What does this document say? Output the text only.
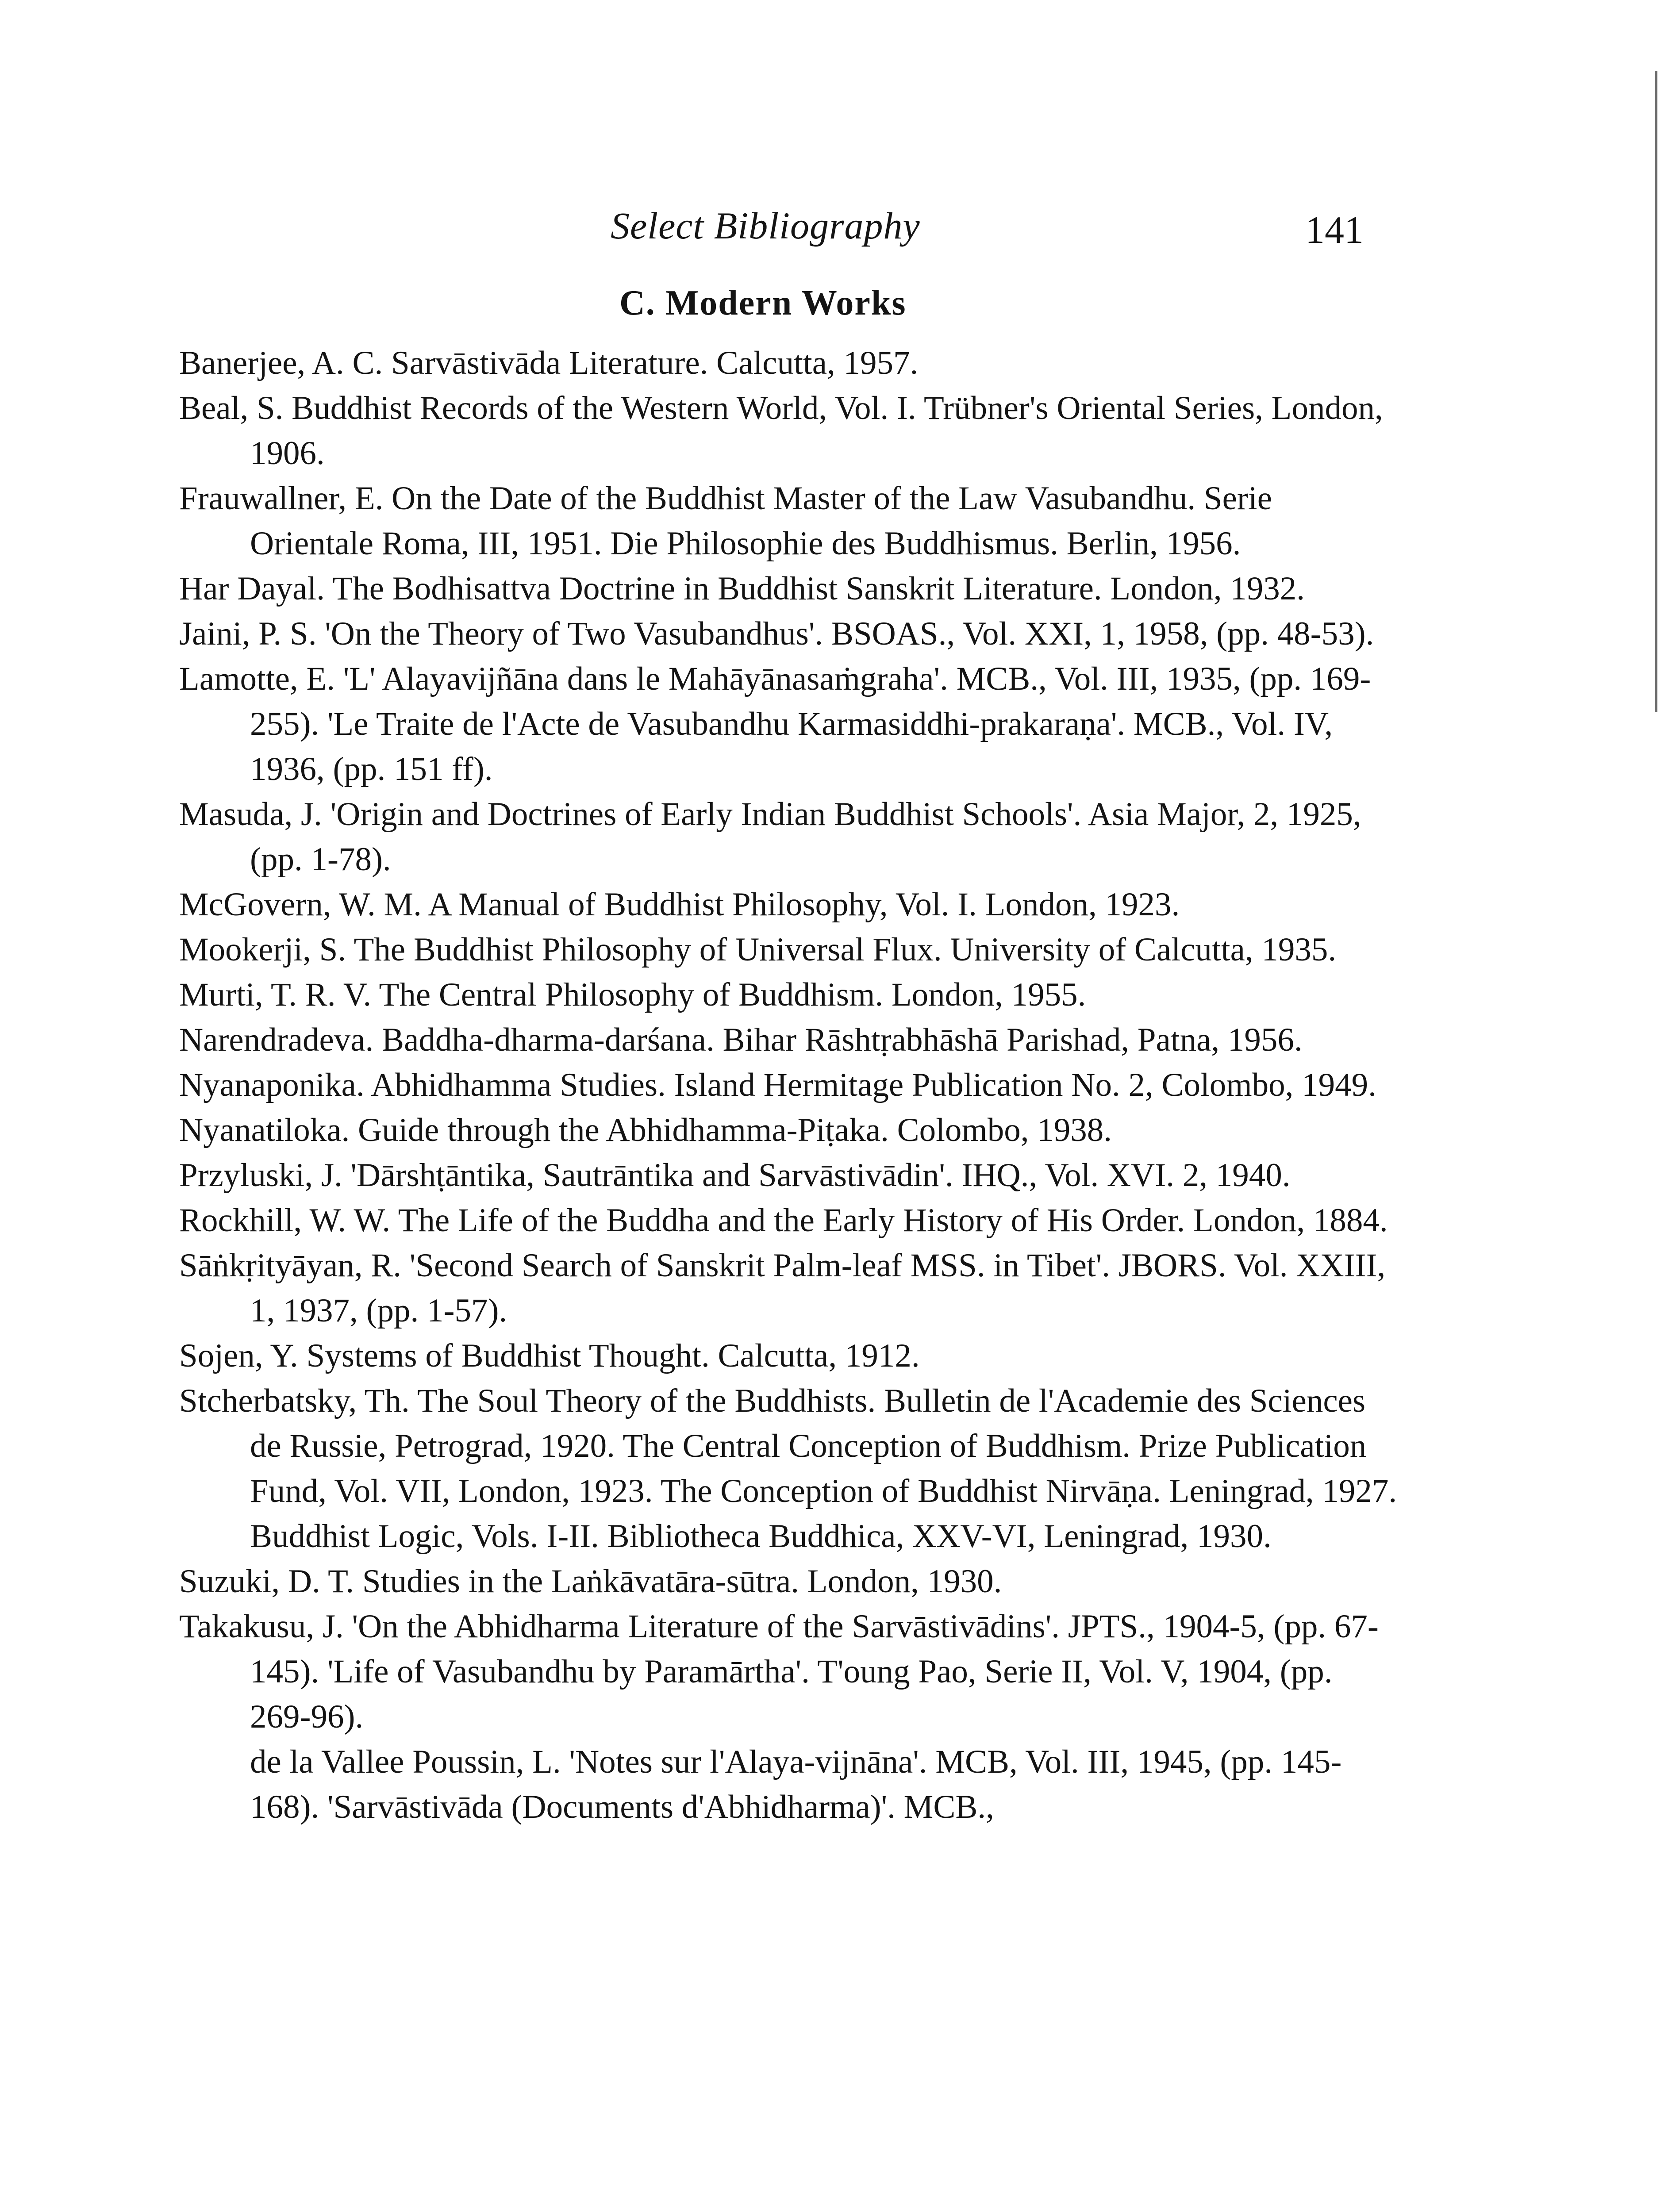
Select Bibliography	141
C. Modern Works
Banerjee, A. C. Sarvāstivāda Literature. Calcutta, 1957.
Beal, S. Buddhist Records of the Western World, Vol. I. Trübner's Oriental Series, London, 1906.
Frauwallner, E. On the Date of the Buddhist Master of the Law Vasubandhu. Serie Orientale Roma, III, 1951. Die Philosophie des Buddhismus. Berlin, 1956.
Har Dayal. The Bodhisattva Doctrine in Buddhist Sanskrit Literature. London, 1932.
Jaini, P. S. 'On the Theory of Two Vasubandhus'. BSOAS., Vol. XXI, 1, 1958, (pp. 48-53).
Lamotte, E. 'L' Alayavijñāna dans le Mahāyānasaṁgraha'. MCB., Vol. III, 1935, (pp. 169-255). 'Le Traite de l'Acte de Vasubandhu Karmasiddhi-prakaraṇa'. MCB., Vol. IV, 1936, (pp. 151 ff).
Masuda, J. 'Origin and Doctrines of Early Indian Buddhist Schools'. Asia Major, 2, 1925, (pp. 1-78).
McGovern, W. M. A Manual of Buddhist Philosophy, Vol. I. London, 1923.
Mookerji, S. The Buddhist Philosophy of Universal Flux. University of Calcutta, 1935.
Murti, T. R. V. The Central Philosophy of Buddhism. London, 1955.
Narendradeva. Baddha-dharma-darśana. Bihar Rāshtṛabhāshā Parishad, Patna, 1956.
Nyanaponika. Abhidhamma Studies. Island Hermitage Publication No. 2, Colombo, 1949.
Nyanatiloka. Guide through the Abhidhamma-Piṭaka. Colombo, 1938.
Przyluski, J. 'Dārshṭāntika, Sautrāntika and Sarvāstivādin'. IHQ., Vol. XVI. 2, 1940.
Rockhill, W. W. The Life of the Buddha and the Early History of His Order. London, 1884.
Sāṅkṛityāyan, R. 'Second Search of Sanskrit Palm-leaf MSS. in Tibet'. JBORS. Vol. XXIII, 1, 1937, (pp. 1-57).
Sojen, Y. Systems of Buddhist Thought. Calcutta, 1912.
Stcherbatsky, Th. The Soul Theory of the Buddhists. Bulletin de l'Academie des Sciences de Russie, Petrograd, 1920. The Central Conception of Buddhism. Prize Publication Fund, Vol. VII, London, 1923. The Conception of Buddhist Nirvāṇa. Leningrad, 1927. Buddhist Logic, Vols. I-II. Bibliotheca Buddhica, XXV-VI, Leningrad, 1930.
Suzuki, D. T. Studies in the Laṅkāvatāra-sūtra. London, 1930.
Takakusu, J. 'On the Abhidharma Literature of the Sarvāstivādins'. JPTS., 1904-5, (pp. 67-145). 'Life of Vasubandhu by Paramārtha'. T'oung Pao, Serie II, Vol. V, 1904, (pp. 269-96).
de la Vallee Poussin, L. 'Notes sur l'Alaya-vijnāna'. MCB, Vol. III, 1945, (pp. 145-168). 'Sarvāstivāda (Documents d'Abhidharma)'. MCB.,
